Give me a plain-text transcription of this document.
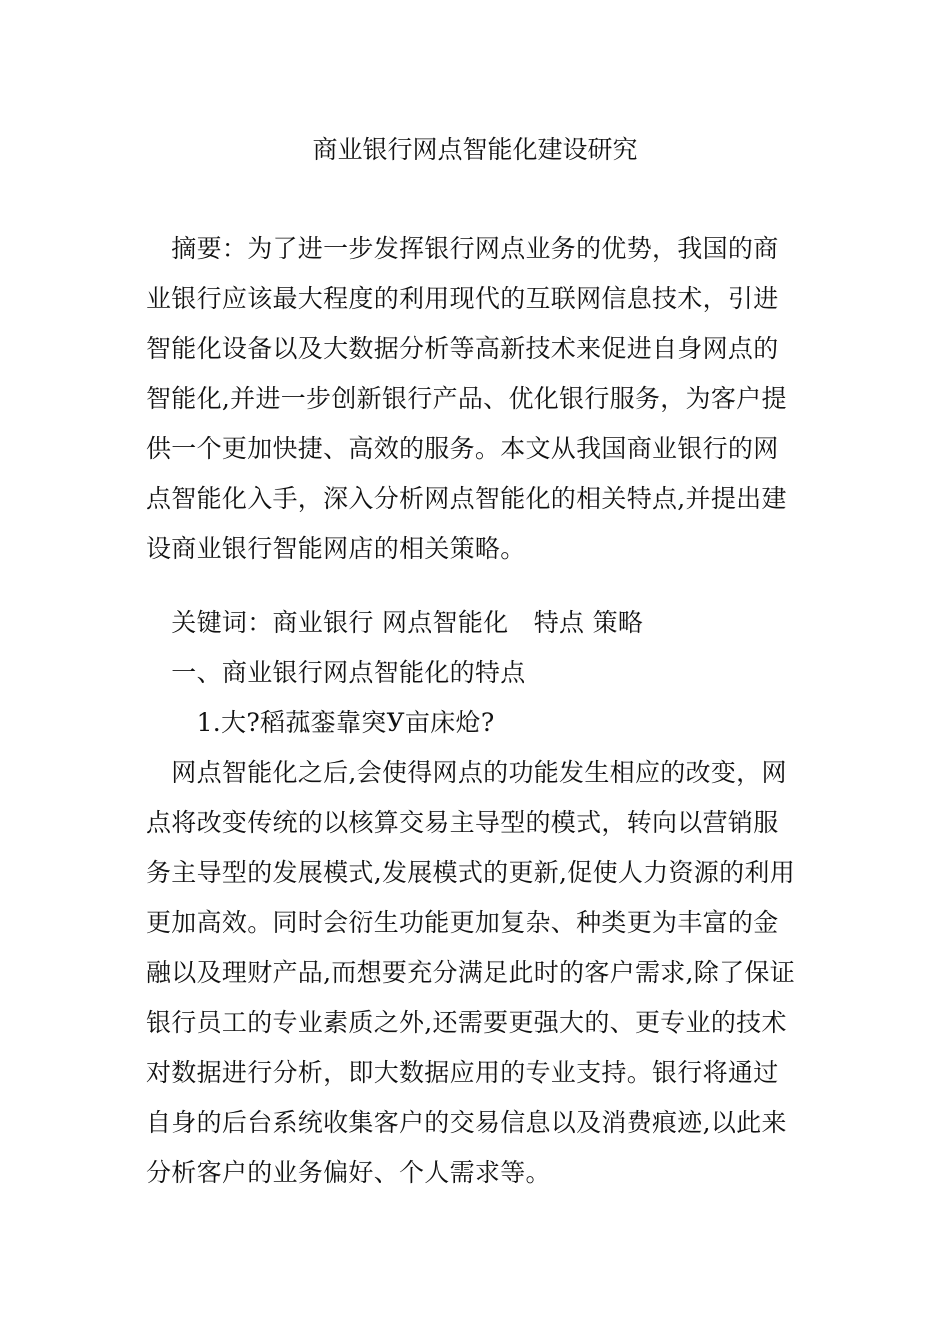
商业银行网点智能化建设研究
　摘要：为了进一步发挥银行网点业务的优势，我国的商
业银行应该最大程度的利用现代的互联网信息技术，引进
智能化设备以及大数据分析等高新技术来促进自身网点的
智能化,并进一步创新银行产品、优化银行服务，为客户提
供一个更加快捷、高效的服务。本文从我国商业银行的网
点智能化入手，深入分析网点智能化的相关特点,并提出建
设商业银行智能网店的相关策略。
　关键词：商业银行 网点智能化　特点 策略
　一、商业银行网点智能化的特点
　　1.大?稻菰銮靠突У亩床炝?
　网点智能化之后,会使得网点的功能发生相应的改变，网
点将改变传统的以核算交易主导型的模式，转向以营销服
务主导型的发展模式,发展模式的更新,促使人力资源的利用
更加高效。同时会衍生功能更加复杂、种类更为丰富的金
融以及理财产品,而想要充分满足此时的客户需求,除了保证
银行员工的专业素质之外,还需要更强大的、更专业的技术
对数据进行分析，即大数据应用的专业支持。银行将通过
自身的后台系统收集客户的交易信息以及消费痕迹,以此来
分析客户的业务偏好、个人需求等。
